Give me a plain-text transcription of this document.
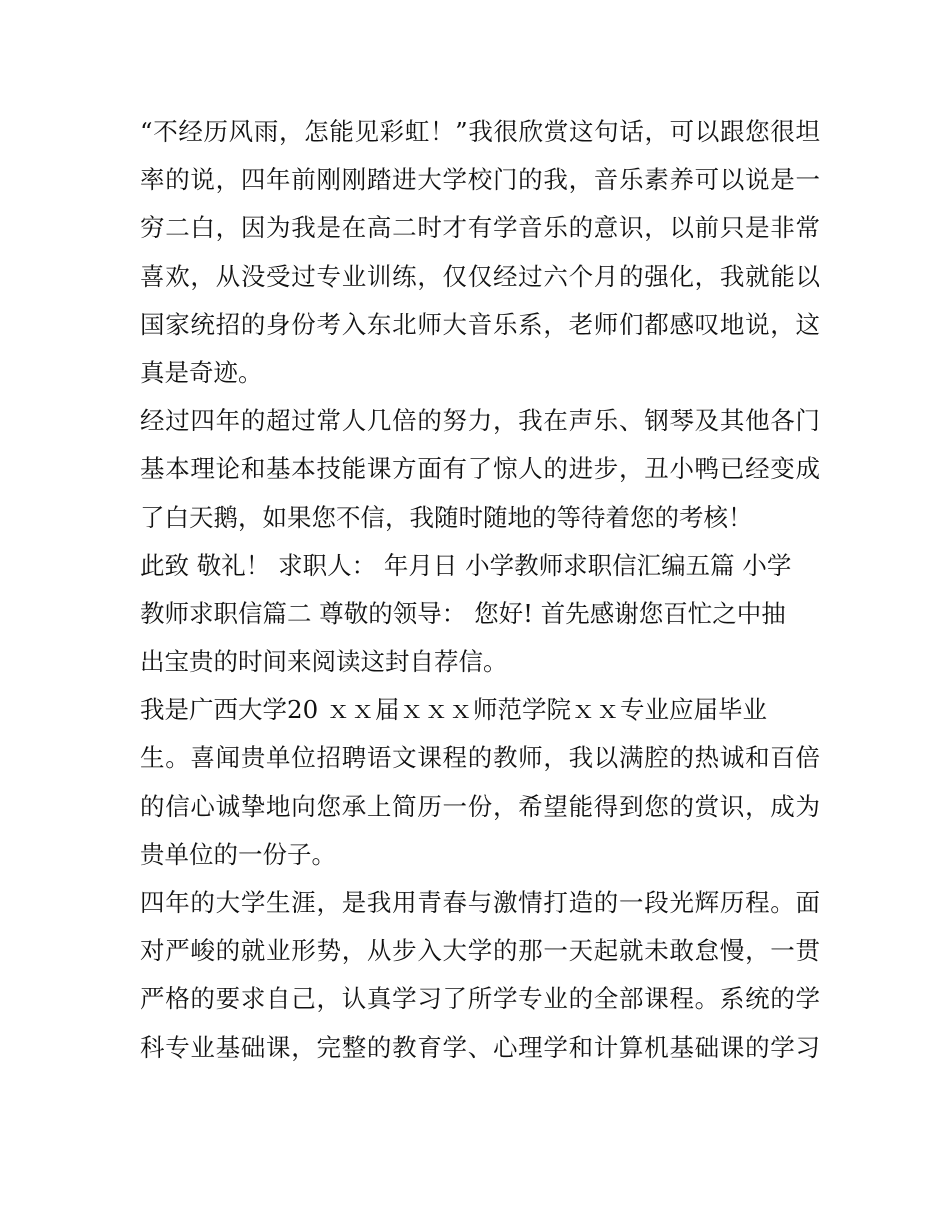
“不经历风雨，怎能见彩虹！”我很欣赏这句话，可以跟您很坦
率的说，四年前刚刚踏进大学校门的我，音乐素养可以说是一
穷二白，因为我是在高二时才有学音乐的意识，以前只是非常
喜欢，从没受过专业训练，仅仅经过六个月的强化，我就能以
国家统招的身份考入东北师大音乐系，老师们都感叹地说，这
真是奇迹。
经过四年的超过常人几倍的努力，我在声乐、钢琴及其他各门
基本理论和基本技能课方面有了惊人的进步，丑小鸭已经变成
了白天鹅，如果您不信，我随时随地的等待着您的考核！
此致 敬礼！ 求职人： 年月日 小学教师求职信汇编五篇 小学
教师求职信篇二 尊敬的领导： 您好! 首先感谢您百忙之中抽
出宝贵的时间来阅读这封自荐信。
我是广西大学20 ｘｘ届ｘｘｘ师范学院ｘｘ专业应届毕业
生。喜闻贵单位招聘语文课程的教师，我以满腔的热诚和百倍
的信心诚挚地向您承上简历一份，希望能得到您的赏识，成为
贵单位的一份子。
四年的大学生涯，是我用青春与激情打造的一段光辉历程。面
对严峻的就业形势，从步入大学的那一天起就未敢怠慢，一贯
严格的要求自己，认真学习了所学专业的全部课程。系统的学
科专业基础课，完整的教育学、心理学和计算机基础课的学习
